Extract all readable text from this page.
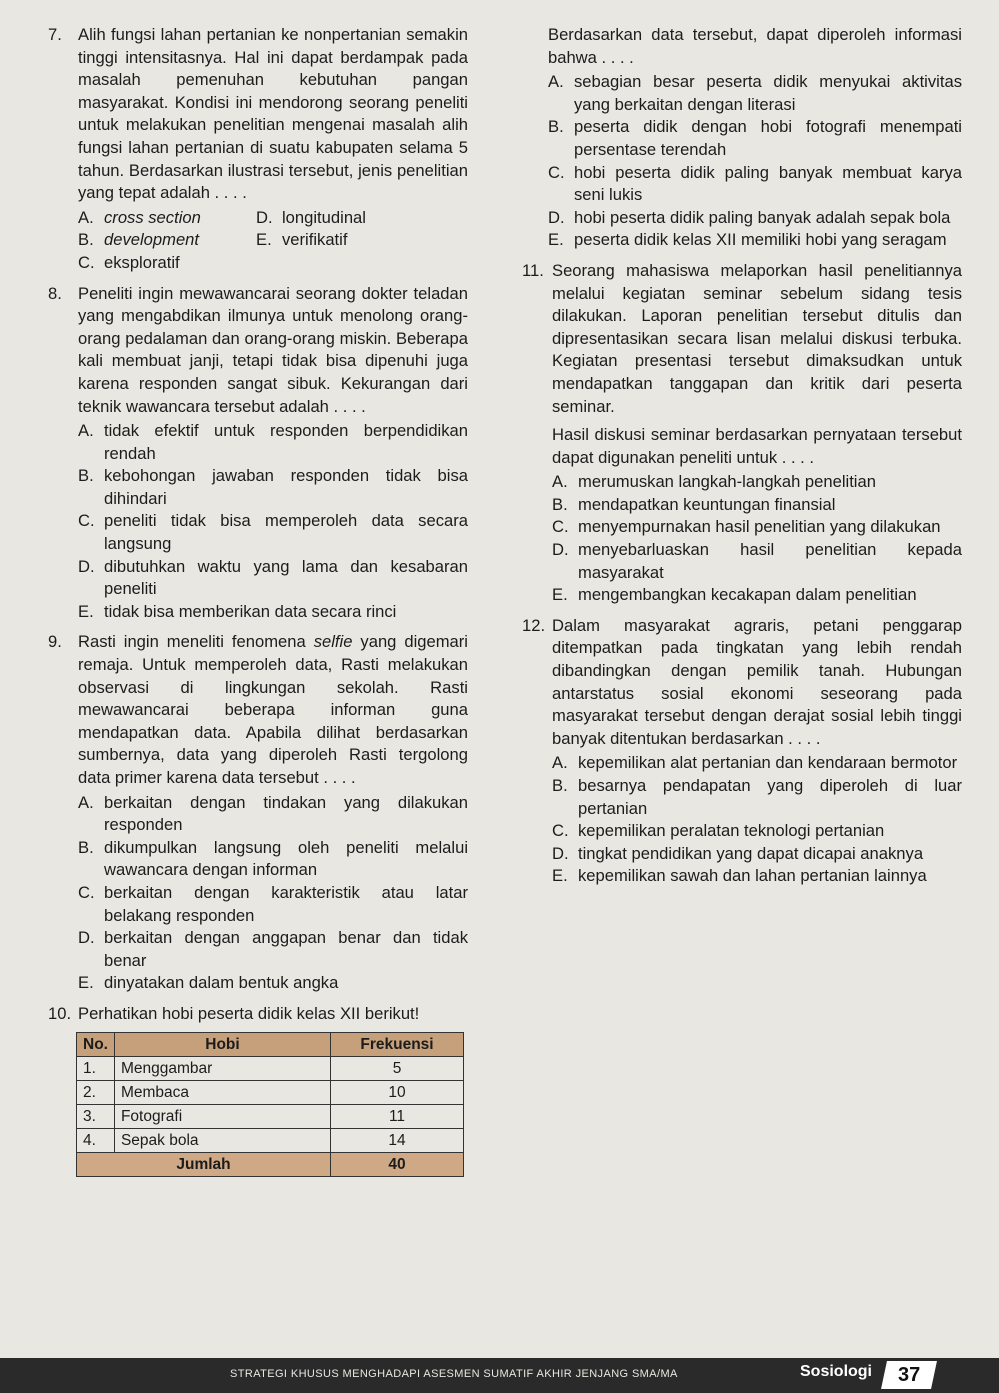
7. Alih fungsi lahan pertanian ke nonpertanian semakin tinggi intensitasnya. Hal ini dapat berdampak pada masalah pemenuhan kebutuhan pangan masyarakat. Kondisi ini mendorong seorang peneliti untuk melakukan penelitian mengenai masalah alih fungsi lahan pertanian di suatu kabupaten selama 5 tahun. Berdasarkan ilustrasi tersebut, jenis penelitian yang tepat adalah . . . .

A. cross section	D. longitudinal
B. development	E. verifikatif
C. eksploratif
8. Peneliti ingin mewawancarai seorang dokter teladan yang mengabdikan ilmunya untuk menolong orang-orang pedalaman dan orang-orang miskin. Beberapa kali membuat janji, tetapi tidak bisa dipenuhi juga karena responden sangat sibuk. Kekurangan dari teknik wawancara tersebut adalah . . . .

A. tidak efektif untuk responden berpendidikan rendah
B. kebohongan jawaban responden tidak bisa dihindari
C. peneliti tidak bisa memperoleh data secara langsung
D. dibutuhkan waktu yang lama dan kesabaran peneliti
E. tidak bisa memberikan data secara rinci
9. Rasti ingin meneliti fenomena selfie yang digemari remaja. Untuk memperoleh data, Rasti melakukan observasi di lingkungan sekolah. Rasti mewawancarai beberapa informan guna mendapatkan data. Apabila dilihat berdasarkan sumbernya, data yang diperoleh Rasti tergolong data primer karena data tersebut . . . .

A. berkaitan dengan tindakan yang dilakukan responden
B. dikumpulkan langsung oleh peneliti melalui wawancara dengan informan
C. berkaitan dengan karakteristik atau latar belakang responden
D. berkaitan dengan anggapan benar dan tidak benar
E. dinyatakan dalam bentuk angka
10. Perhatikan hobi peserta didik kelas XII berikut!

No.	Hobi	Frekuensi
1.	Menggambar	5
2.	Membaca	10
3.	Fotografi	11
4.	Sepak bola	14
Jumlah		40

Berdasarkan data tersebut, dapat diperoleh informasi bahwa . . . .

A. sebagian besar peserta didik menyukai aktivitas yang berkaitan dengan literasi
B. peserta didik dengan hobi fotografi menempati persentase terendah
C. hobi peserta didik paling banyak membuat karya seni lukis
D. hobi peserta didik paling banyak adalah sepak bola
E. peserta didik kelas XII memiliki hobi yang seragam
11. Seorang mahasiswa melaporkan hasil penelitiannya melalui kegiatan seminar sebelum sidang tesis dilakukan. Laporan penelitian tersebut ditulis dan dipresentasikan secara lisan melalui diskusi terbuka. Kegiatan presentasi tersebut dimaksudkan untuk mendapatkan tanggapan dan kritik dari peserta seminar.

Hasil diskusi seminar berdasarkan pernyataan tersebut dapat digunakan peneliti untuk . . . .

A. merumuskan langkah-langkah penelitian
B. mendapatkan keuntungan finansial
C. menyempurnakan hasil penelitian yang dilakukan
D. menyebarluaskan hasil penelitian kepada masyarakat
E. mengembangkan kecakapan dalam penelitian
12. Dalam masyarakat agraris, petani penggarap ditempatkan pada tingkatan yang lebih rendah dibandingkan dengan pemilik tanah. Hubungan antarstatus sosial ekonomi seseorang pada masyarakat tersebut dengan derajat sosial lebih tinggi banyak ditentukan berdasarkan . . . .

A. kepemilikan alat pertanian dan kendaraan bermotor
B. besarnya pendapatan yang diperoleh di luar pertanian
C. kepemilikan peralatan teknologi pertanian
D. tingkat pendidikan yang dapat dicapai anaknya
E. kepemilikan sawah dan lahan pertanian lainnya
STRATEGI KHUSUS MENGHADAPI ASESMEN SUMATIF AKHIR JENJANG SMA/MA	Sosiologi	37
